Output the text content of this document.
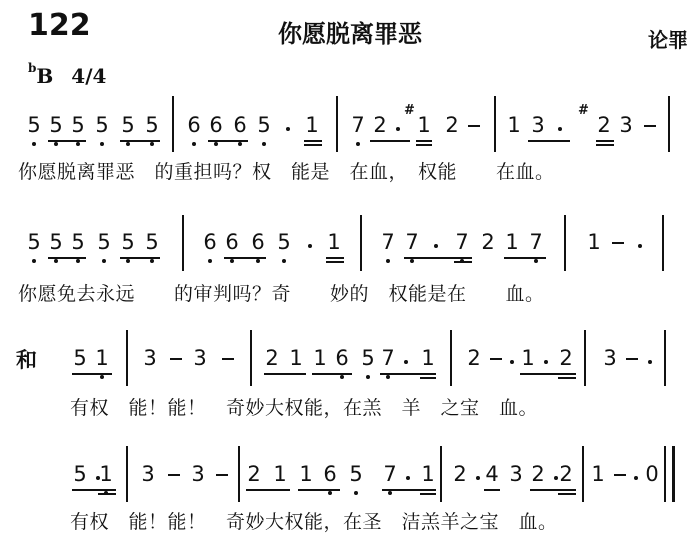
122	你愿脱离罪恶	论罪
$^b$B 4/4
5 5 5 5 5 5 6 6 6 5 1 7 2
#
1 2 1 3
#
2 3
5 5 5 5 5 5 6 6 6 5 1 7 7 7 2 1 7 1
5 1 3 3	2 1 1 6 5 7 1 2 1 2 3
5 1 3 3 2 1 1 6 5 7 1 2 4 3 2 2 1 0
和
你愿脱离罪恶　的重担吗？权　能是　在血，　权能　　在血。
你愿免去永远　　的审判吗？奇　　妙的　权能是在　　血。
有权　能！能！　奇妙大权能，在羔　羊　之宝　血。
有权　能！能！　奇妙大权能，在圣　洁羔羊之宝　血。
